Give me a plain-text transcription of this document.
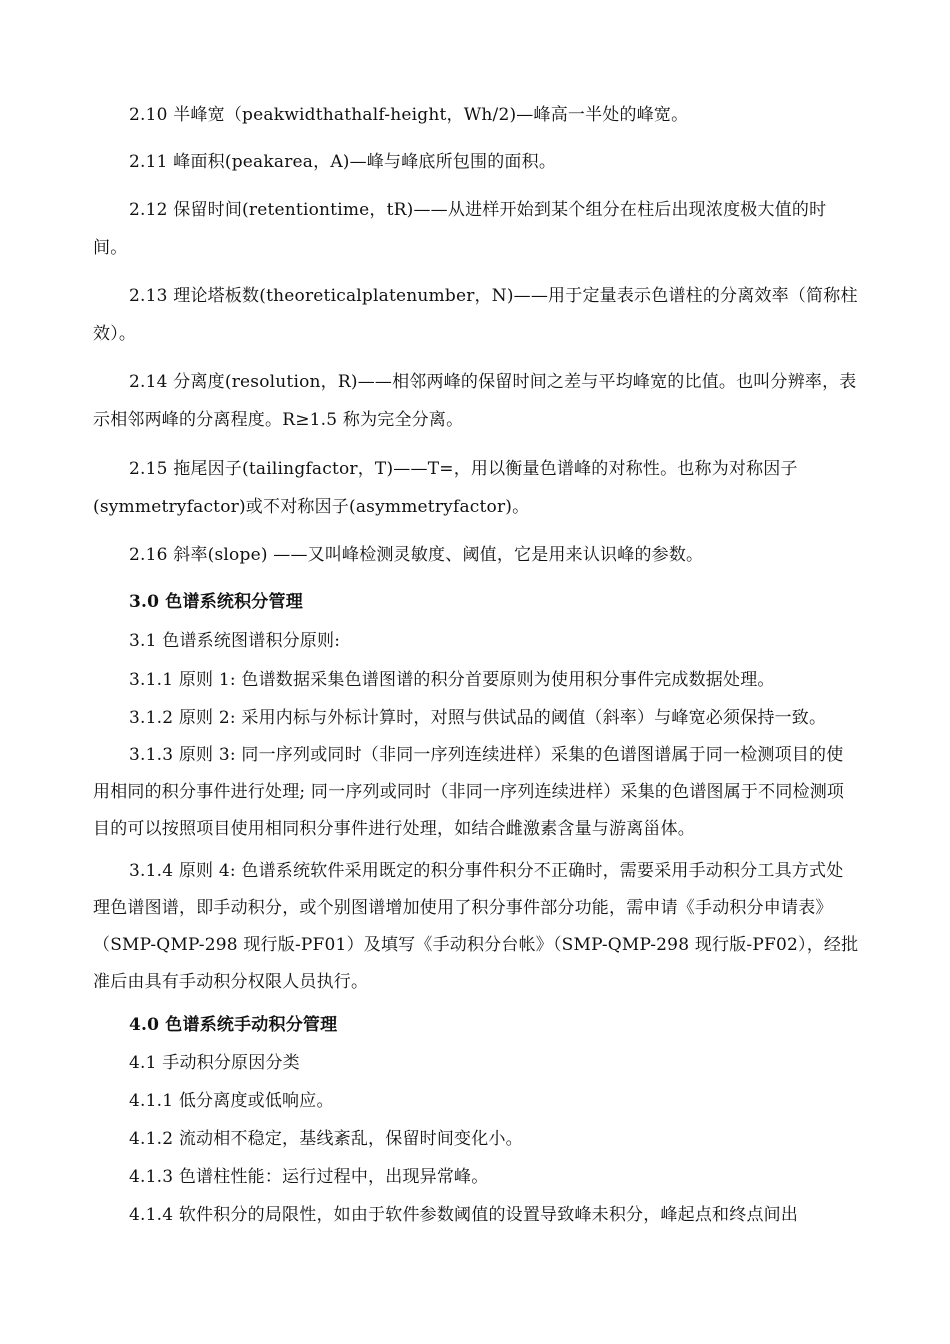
2.10 半峰宽（peakwidthathalf-height，Wh/2)—峰高一半处的峰宽。

2.11 峰面积(peakarea，A)—峰与峰底所包围的面积。

2.12 保留时间(retentiontime，tR)——从进样开始到某个组分在柱后出现浓度极大值的时间。

2.13 理论塔板数(theoreticalplatenumber，N)——用于定量表示色谱柱的分离效率（简称柱效）。

2.14 分离度(resolution，R)——相邻两峰的保留时间之差与平均峰宽的比值。也叫分辨率，表示相邻两峰的分离程度。R≥1.5 称为完全分离。

2.15 拖尾因子(tailingfactor，T)——T=，用以衡量色谱峰的对称性。也称为对称因子(symmetryfactor)或不对称因子(asymmetryfactor)。

2.16 斜率(slope) ——又叫峰检测灵敏度、阈值，它是用来认识峰的参数。

3.0 色谱系统积分管理

3.1 色谱系统图谱积分原则:

3.1.1 原则 1: 色谱数据采集色谱图谱的积分首要原则为使用积分事件完成数据处理。

3.1.2 原则 2: 采用内标与外标计算时，对照与供试品的阈值（斜率）与峰宽必须保持一致。

3.1.3 原则 3: 同一序列或同时（非同一序列连续进样）采集的色谱图谱属于同一检测项目的使用相同的积分事件进行处理; 同一序列或同时（非同一序列连续进样）采集的色谱图属于不同检测项目的可以按照项目使用相同积分事件进行处理，如结合雌激素含量与游离甾体。

3.1.4 原则 4: 色谱系统软件采用既定的积分事件积分不正确时，需要采用手动积分工具方式处理色谱图谱，即手动积分，或个别图谱增加使用了积分事件部分功能，需申请《手动积分申请表》（SMP-QMP-298 现行版-PF01）及填写《手动积分台帐》（SMP-QMP-298 现行版-PF02），经批准后由具有手动积分权限人员执行。

4.0 色谱系统手动积分管理

4.1 手动积分原因分类

4.1.1 低分离度或低响应。

4.1.2 流动相不稳定，基线紊乱，保留时间变化小。

4.1.3 色谱柱性能：运行过程中，出现异常峰。

4.1.4 软件积分的局限性，如由于软件参数阈值的设置导致峰未积分，峰起点和终点间出
